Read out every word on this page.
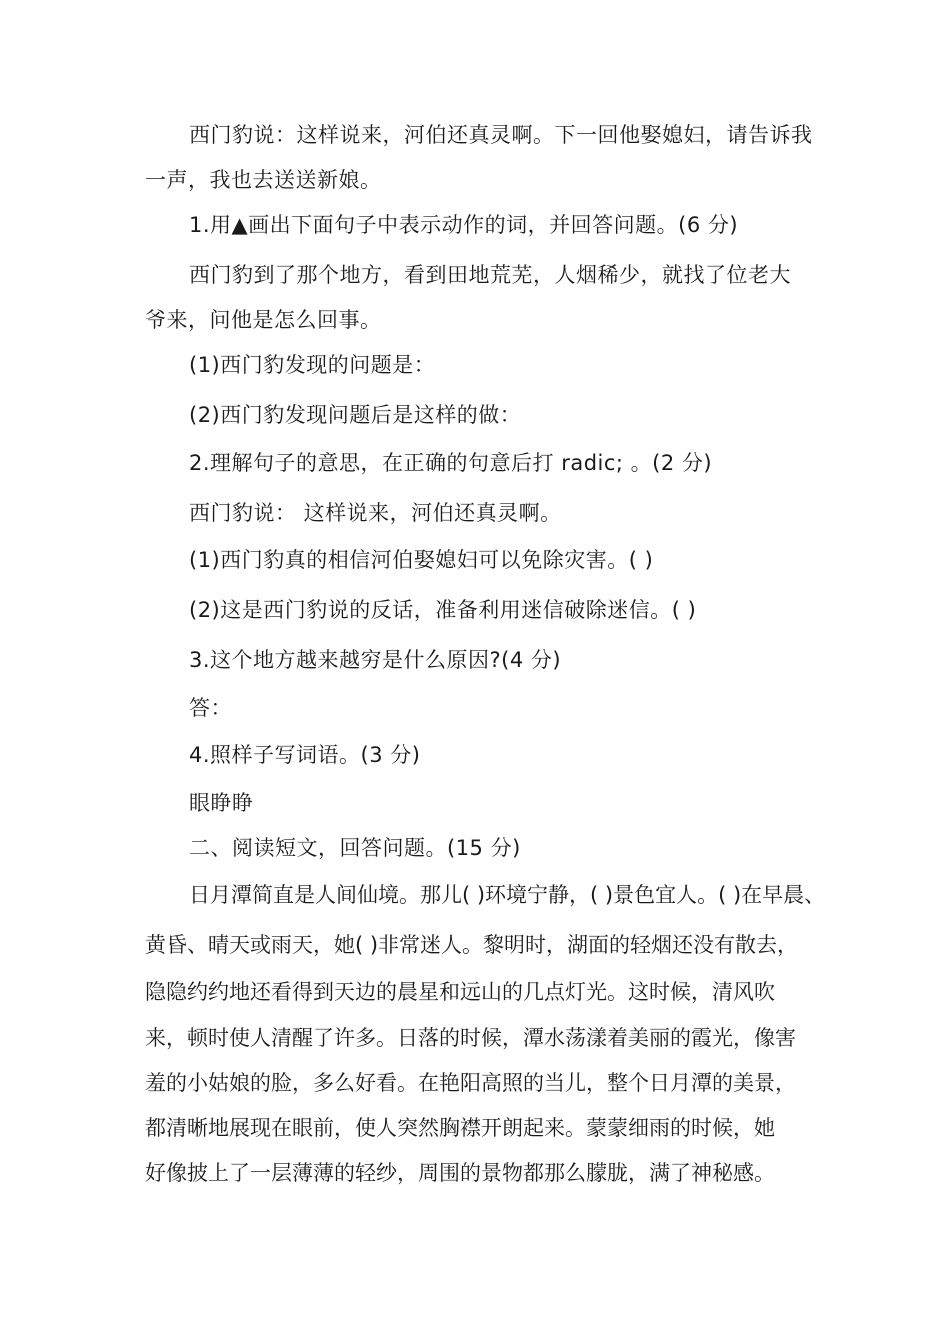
西门豹说：这样说来，河伯还真灵啊。下一回他娶媳妇，请告诉我
一声，我也去送送新娘。
1.用▲画出下面句子中表示动作的词，并回答问题。(6 分)
西门豹到了那个地方，看到田地荒芜，人烟稀少，就找了位老大
爷来，问他是怎么回事。
(1)西门豹发现的问题是：
(2)西门豹发现问题后是这样的做：
2.理解句子的意思，在正确的句意后打 radic; 。(2 分)
西门豹说： 这样说来，河伯还真灵啊。
(1)西门豹真的相信河伯娶媳妇可以免除灾害。( )
(2)这是西门豹说的反话，准备利用迷信破除迷信。( )
3.这个地方越来越穷是什么原因?(4 分)
答：
4.照样子写词语。(3 分)
眼睁睁
二、阅读短文，回答问题。(15 分)
日月潭简直是人间仙境。那儿( )环境宁静，( )景色宜人。( )在早晨、
黄昏、晴天或雨天，她( )非常迷人。黎明时，湖面的轻烟还没有散去，
隐隐约约地还看得到天边的晨星和远山的几点灯光。这时候，清风吹
来，顿时使人清醒了许多。日落的时候，潭水荡漾着美丽的霞光，像害
羞的小姑娘的脸，多么好看。在艳阳高照的当儿，整个日月潭的美景，
都清晰地展现在眼前，使人突然胸襟开朗起来。蒙蒙细雨的时候，她
好像披上了一层薄薄的轻纱，周围的景物都那么朦胧，满了神秘感。
